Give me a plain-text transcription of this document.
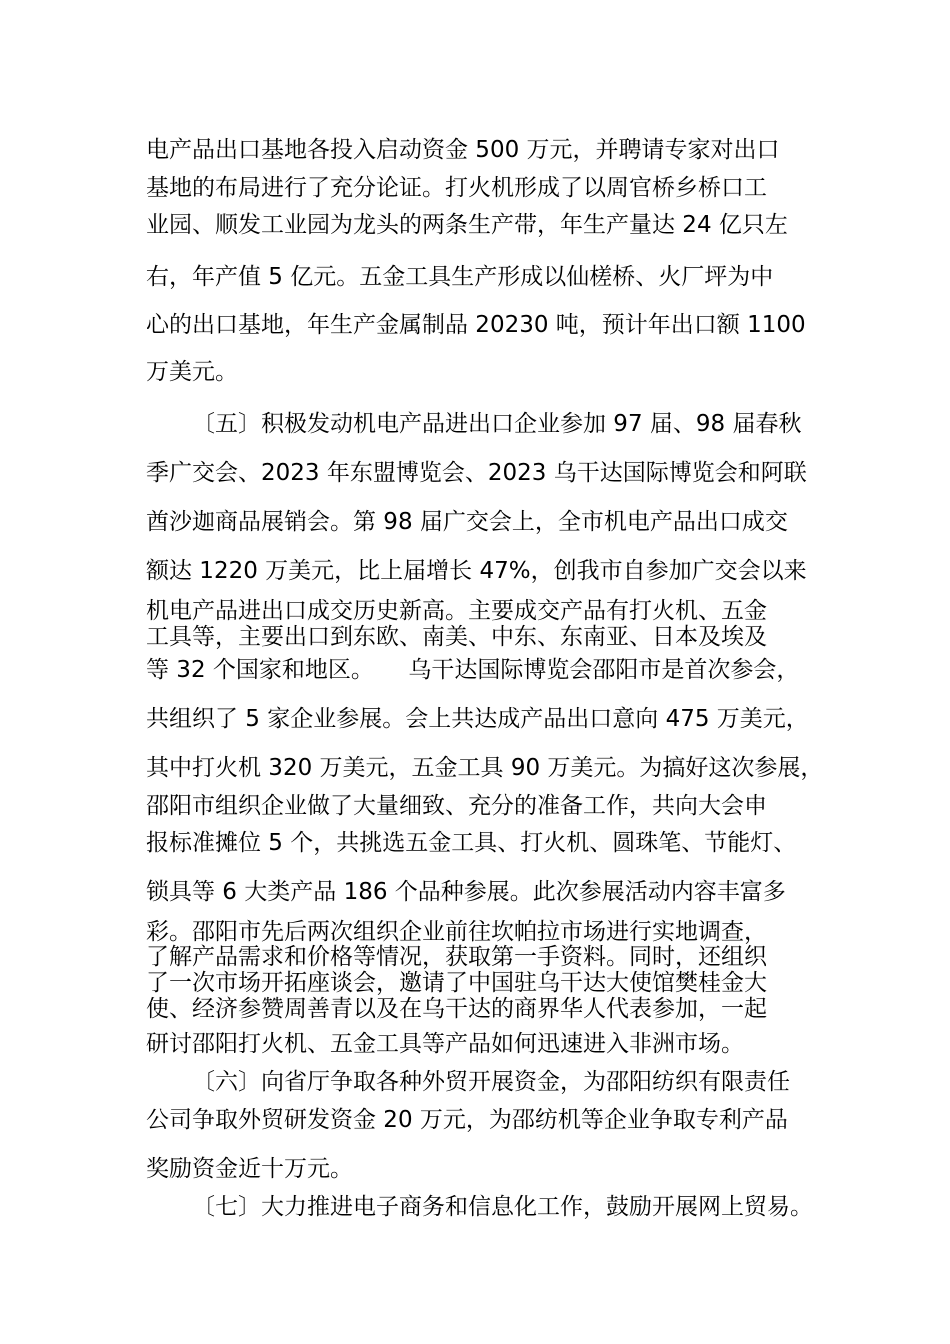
电产品出口基地各投入启动资金 500 万元，并聘请专家对出口
基地的布局进行了充分论证。打火机形成了以周官桥乡桥口工
业园、顺发工业园为龙头的两条生产带，年生产量达 24 亿只左
右，年产值 5 亿元。五金工具生产形成以仙槎桥、火厂坪为中
心的出口基地，年生产金属制品 20230 吨，预计年出口额 1100
万美元。
〔五〕积极发动机电产品进出口企业参加 97 届、98 届春秋
季广交会、2023 年东盟博览会、2023 乌干达国际博览会和阿联
酋沙迦商品展销会。第 98 届广交会上，全市机电产品出口成交
额达 1220 万美元，比上届增长 47%，创我市自参加广交会以来
机电产品进出口成交历史新高。主要成交产品有打火机、五金
工具等，主要出口到东欧、南美、中东、东南亚、日本及埃及
等 32 个国家和地区。　　乌干达国际博览会邵阳市是首次参会，
共组织了 5 家企业参展。会上共达成产品出口意向 475 万美元，
其中打火机 320 万美元，五金工具 90 万美元。为搞好这次参展，
邵阳市组织企业做了大量细致、充分的准备工作，共向大会申
报标准摊位 5 个，共挑选五金工具、打火机、圆珠笔、节能灯、
锁具等 6 大类产品 186 个品种参展。此次参展活动内容丰富多
彩。邵阳市先后两次组织企业前往坎帕拉市场进行实地调查，
了解产品需求和价格等情况，获取第一手资料。同时，还组织
了一次市场开拓座谈会，邀请了中国驻乌干达大使馆樊桂金大
使、经济参赞周善青以及在乌干达的商界华人代表参加，一起
研讨邵阳打火机、五金工具等产品如何迅速进入非洲市场。
〔六〕向省厅争取各种外贸开展资金，为邵阳纺织有限责任
公司争取外贸研发资金 20 万元，为邵纺机等企业争取专利产品
奖励资金近十万元。
〔七〕大力推进电子商务和信息化工作，鼓励开展网上贸易。
